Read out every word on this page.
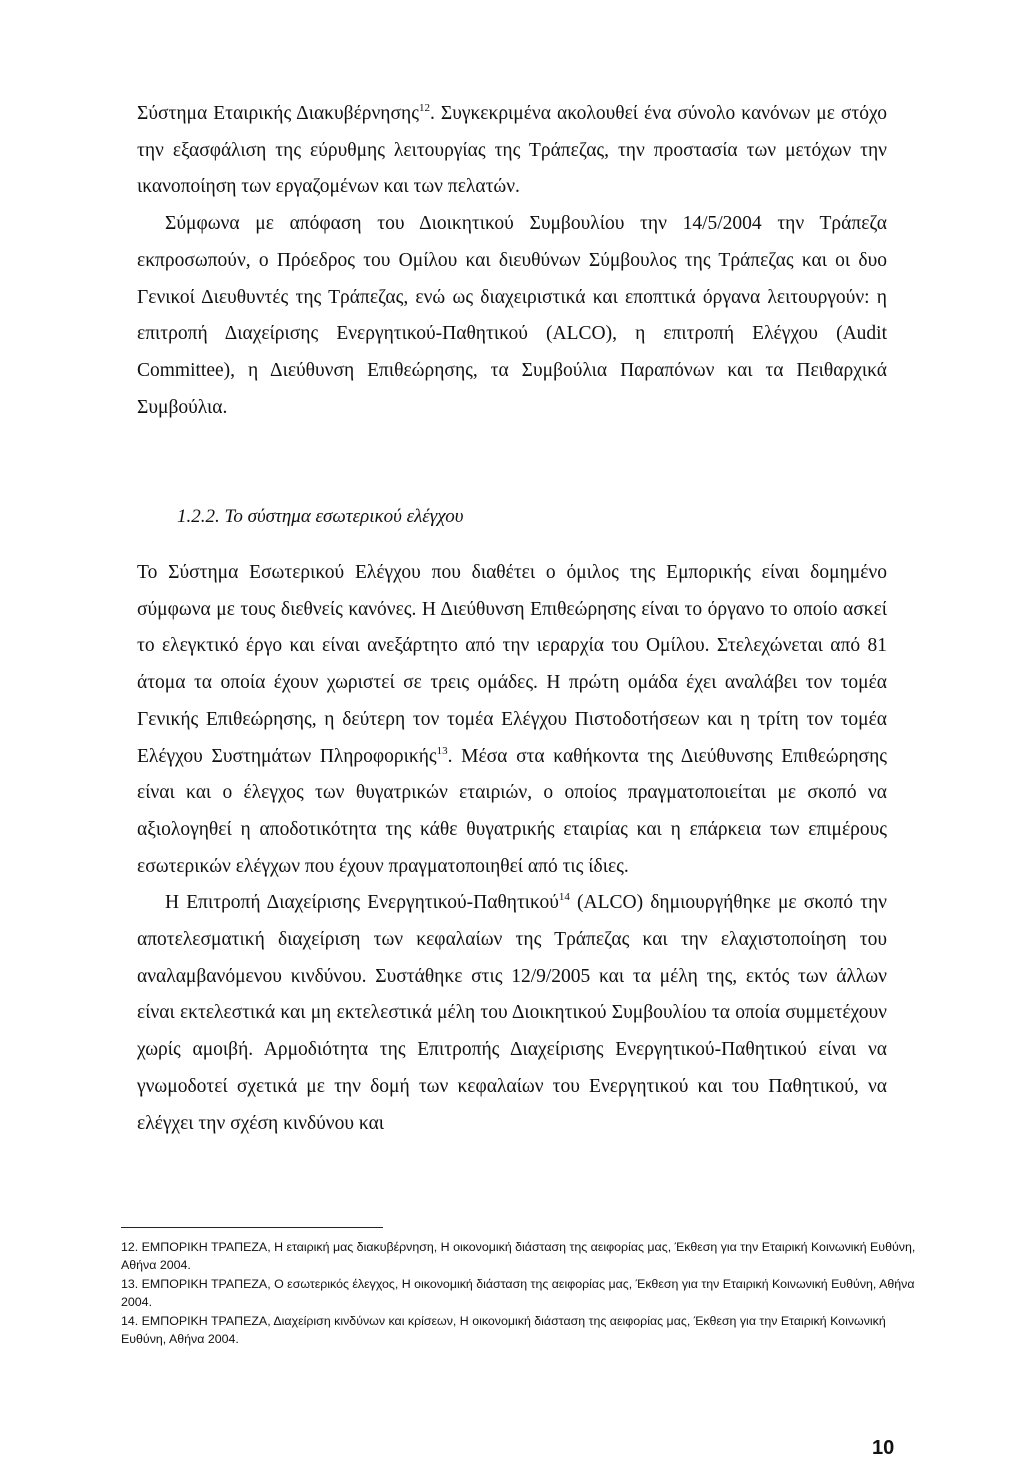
Σύστημα Εταιρικής Διακυβέρνησης$^{12}$. Συγκεκριμένα ακολουθεί ένα σύνολο κανόνων με στόχο την εξασφάλιση της εύρυθμης λειτουργίας της Τράπεζας, την προστασία των μετόχων την ικανοποίηση των εργαζομένων και των πελατών.

Σύμφωνα με απόφαση του Διοικητικού Συμβουλίου την 14/5/2004 την Τράπεζα εκπροσωπούν, ο Πρόεδρος του Ομίλου και διευθύνων Σύμβουλος της Τράπεζας και οι δυο Γενικοί Διευθυντές της Τράπεζας, ενώ ως διαχειριστικά και εποπτικά όργανα λειτουργούν: η επιτροπή Διαχείρισης Ενεργητικού-Παθητικού (ALCO), η επιτροπή Ελέγχου (Audit Committee), η Διεύθυνση Επιθεώρησης, τα Συμβούλια Παραπόνων και τα Πειθαρχικά Συμβούλια.

1.2.2. Το σύστημα εσωτερικού ελέγχου

Το Σύστημα Εσωτερικού Ελέγχου που διαθέτει ο όμιλος της Εμπορικής είναι δομημένο σύμφωνα με τους διεθνείς κανόνες. Η Διεύθυνση Επιθεώρησης είναι το όργανο το οποίο ασκεί το ελεγκτικό έργο και είναι ανεξάρτητο από την ιεραρχία του Ομίλου. Στελεχώνεται από 81 άτομα τα οποία έχουν χωριστεί σε τρεις ομάδες. Η πρώτη ομάδα έχει αναλάβει τον τομέα Γενικής Επιθεώρησης, η δεύτερη τον τομέα Ελέγχου Πιστοδοτήσεων και η τρίτη τον τομέα Ελέγχου Συστημάτων Πληροφορικής$^{13}$. Μέσα στα καθήκοντα της Διεύθυνσης Επιθεώρησης είναι και ο έλεγχος των θυγατρικών εταιριών, ο οποίος πραγματοποιείται με σκοπό να αξιολογηθεί η αποδοτικότητα της κάθε θυγατρικής εταιρίας και η επάρκεια των επιμέρους εσωτερικών ελέγχων που έχουν πραγματοποιηθεί από τις ίδιες.

Η Επιτροπή Διαχείρισης Ενεργητικού-Παθητικού$^{14}$ (ALCO) δημιουργήθηκε με σκοπό την αποτελεσματική διαχείριση των κεφαλαίων της Τράπεζας και την ελαχιστοποίηση του αναλαμβανόμενου κινδύνου. Συστάθηκε στις 12/9/2005 και τα μέλη της, εκτός των άλλων είναι εκτελεστικά και μη εκτελεστικά μέλη του Διοικητικού Συμβουλίου τα οποία συμμετέχουν χωρίς αμοιβή. Αρμοδιότητα της Επιτροπής Διαχείρισης Ενεργητικού-Παθητικού είναι να γνωμοδοτεί σχετικά με την δομή των κεφαλαίων του Ενεργητικού και του Παθητικού, να ελέγχει την σχέση κινδύνου και

12. ΕΜΠΟΡΙΚΗ ΤΡΑΠΕΖΑ, Η εταιρική μας διακυβέρνηση, Η οικονομική διάσταση της αειφορίας μας, Έκθεση για την Εταιρική Κοινωνική Ευθύνη, Αθήνα 2004.

13. ΕΜΠΟΡΙΚΗ ΤΡΑΠΕΖΑ, Ο εσωτερικός έλεγχος, Η οικονομική διάσταση της αειφορίας μας, Έκθεση για την Εταιρική Κοινωνική Ευθύνη, Αθήνα 2004.

14. ΕΜΠΟΡΙΚΗ ΤΡΑΠΕΖΑ, Διαχείριση κινδύνων και κρίσεων, Η οικονομική διάσταση της αειφορίας μας, Έκθεση για την Εταιρική Κοινωνική Ευθύνη, Αθήνα 2004.

10
